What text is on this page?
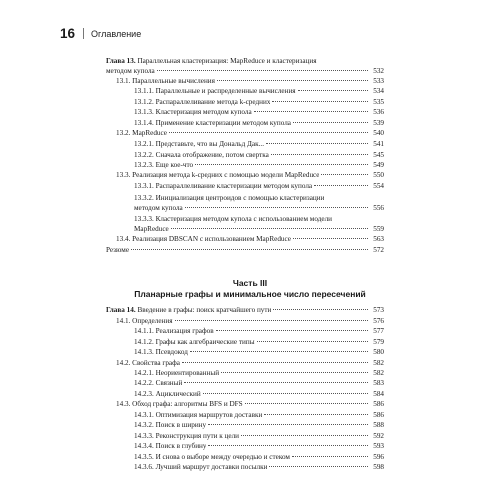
16 Оглавление
Глава 13. Параллельная кластеризация: MapReduce и кластеризация
методом купола	532
13.1. Параллельные вычисления	533
13.1.1. Параллельные и распределенные вычисления	534
13.1.2. Распараллеливание метода k-средних	535
13.1.3. Кластеризация методом купола	536
13.1.4. Применение кластеризации методом купола	539
13.2. MapReduce	540
13.2.1. Представьте, что вы Дональд Дак...	541
13.2.2. Сначала отображение, потом свертка	545
13.2.3. Еще кое-что	549
13.3. Реализация метода k-средних с помощью модели MapReduce	550
13.3.1. Распараллеливание кластеризации методом купола	554
13.3.2. Инициализация центроидов с помощью кластеризации
методом купола	556
13.3.3. Кластеризация методом купола с использованием модели
MapReduce	559
13.4. Реализация DBSCAN с использованием MapReduce	563
Резюме	572
Глава 14. Введение в графы: поиск кратчайшего пути	573
14.1. Определения	576
14.1.1. Реализация графов	577
14.1.2. Графы как алгебраические типы	579
14.1.3. Псевдокод	580
14.2. Свойства графа	582
14.2.1. Неориентированный	582
14.2.2. Связный	583
14.2.3. Ациклический	584
14.3. Обход графа: алгоритмы BFS и DFS	586
14.3.1. Оптимизация маршрутов доставки	586
14.3.2. Поиск в ширину	588
14.3.3. Реконструкция пути к цели	592
14.3.4. Поиск в глубину	593
14.3.5. И снова о выборе между очередью и стеком	596
14.3.6. Лучший маршрут доставки посылки	598
Часть III
Планарные графы и минимальное число пересечений
